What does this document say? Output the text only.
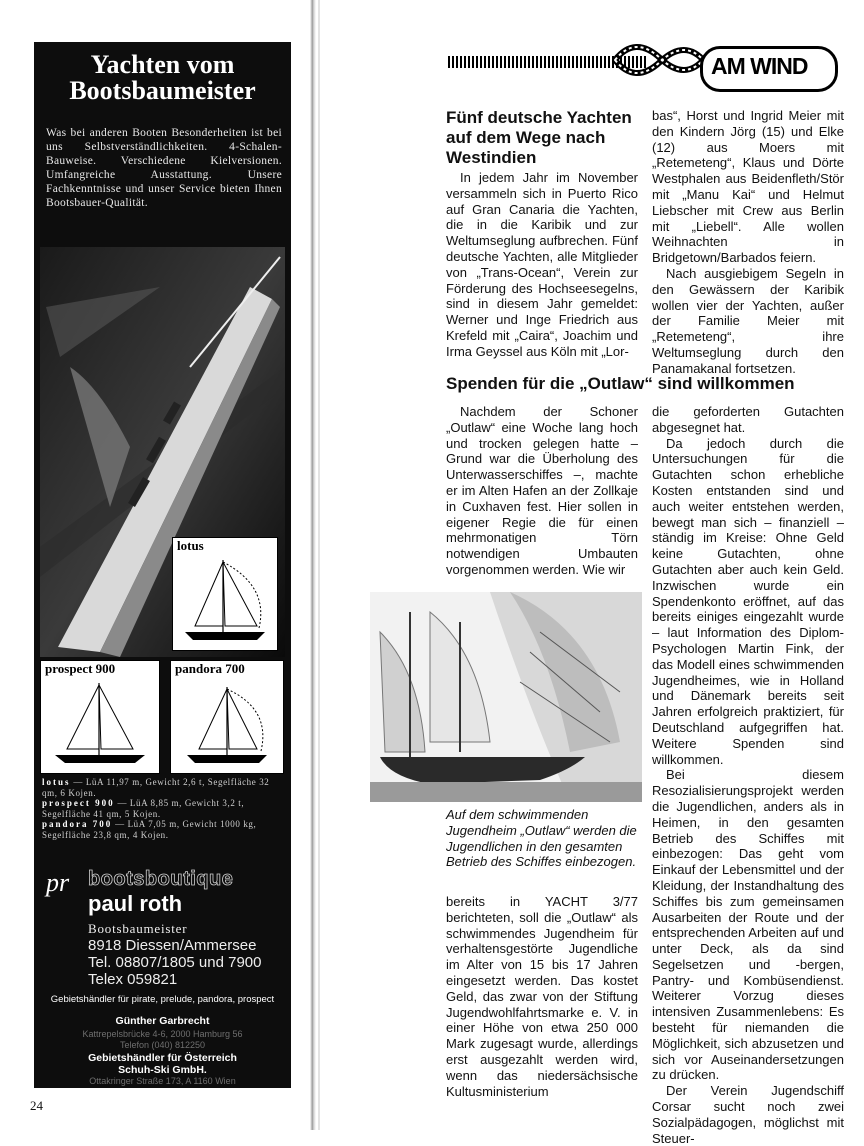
Yachten vom Bootsbaumeister
Was bei anderen Booten Besonderheiten ist bei uns Selbstverständlichkeiten. 4-Schalen-Bauweise. Verschiedene Kielversionen. Umfangreiche Ausstattung. Unsere Fachkenntnisse und unser Service bieten Ihnen Bootsbauer-Qualität.
lotus
prospect 900	pandora 700
lotus — LüA 11,97 m, Gewicht 2,6 t, Segelfläche 32 qm, 6 Kojen.
prospect 900 — LüA 8,85 m, Gewicht 3,2 t, Segelfläche 41 qm, 5 Kojen.
pandora 700 — LüA 7,05 m, Gewicht 1000 kg, Segelfläche 23,8 qm, 4 Kojen.
pr bootsboutique
paul roth
Bootsbaumeister
8918 Diessen/Ammersee
Tel. 08807/1805 und 7900
Telex 059821
Gebietshändler für pirate, prelude, pandora, prospect
Günther Garbrecht
Kattrepelsbrücke 4-6, 2000 Hamburg 56
Telefon (040) 812250
Gebietshändler für Österreich
Schuh-Ski GmbH.
Ottakringer Straße 173, A 1160 Wien
24
AM WIND
Fünf deutsche Yachten auf dem Wege nach Westindien

In jedem Jahr im November versammeln sich in Puerto Rico auf Gran Canaria die Yachten, die in die Karibik und zur Weltumseglung aufbrechen. Fünf deutsche Yachten, alle Mitglieder von „Trans-Ocean“, Verein zur Förderung des Hochseesegelns, sind in diesem Jahr gemeldet: Werner und Inge Friedrich aus Krefeld mit „Caira“, Joachim und Irma Geyssel aus Köln mit „Lor-

bas“, Horst und Ingrid Meier mit den Kindern Jörg (15) und Elke (12) aus Moers mit „Retemeteng“, Klaus und Dörte Westphalen aus Beidenfleth/Stör mit „Manu Kai“ und Helmut Liebscher mit Crew aus Berlin mit „Liebell“. Alle wollen Weihnachten in Bridgetown/Barbados feiern.

Nach ausgiebigem Segeln in den Gewässern der Karibik wollen vier der Yachten, außer der Familie Meier mit „Retemeteng“, ihre Weltumseglung durch den Panamakanal fortsetzen.

Spenden für die „Outlaw“ sind willkommen

Nachdem der Schoner „Outlaw“ eine Woche lang hoch und trocken gelegen hatte – Grund war die Überholung des Unterwasserschiffes –, machte er im Alten Hafen an der Zollkaje in Cuxhaven fest. Hier sollen in eigener Regie die für einen mehrmonatigen Törn notwendigen Umbauten vorgenommen werden. Wie wir

Auf dem schwimmenden Jugendheim „Outlaw“ werden die Jugendlichen in den gesamten Betrieb des Schiffes einbezogen.

bereits in YACHT 3/77 berichteten, soll die „Outlaw“ als schwimmendes Jugendheim für verhaltensgestörte Jugendliche im Alter von 15 bis 17 Jahren eingesetzt werden. Das kostet Geld, das zwar von der Stiftung Jugendwohlfahrtsmarke e. V. in einer Höhe von etwa 250 000 Mark zugesagt wurde, allerdings erst ausgezahlt werden wird, wenn das niedersächsische Kultusministerium

die geforderten Gutachten abgesegnet hat.

Da jedoch durch die Untersuchungen für die Gutachten schon erhebliche Kosten entstanden sind und auch weiter entstehen werden, bewegt man sich – finanziell – ständig im Kreise: Ohne Geld keine Gutachten, ohne Gutachten aber auch kein Geld. Inzwischen wurde ein Spendenkonto eröffnet, auf das bereits einiges eingezahlt wurde – laut Information des Diplom-Psychologen Martin Fink, der das Modell eines schwimmenden Jugendheimes, wie in Holland und Dänemark bereits seit Jahren erfolgreich praktiziert, für Deutschland aufgegriffen hat. Weitere Spenden sind willkommen.

Bei diesem Resozialisierungsprojekt werden die Jugendlichen, anders als in Heimen, in den gesamten Betrieb des Schiffes mit einbezogen: Das geht vom Einkauf der Lebensmittel und der Kleidung, der Instandhaltung des Schiffes bis zum gemeinsamen Ausarbeiten der Route und der entsprechenden Arbeiten auf und unter Deck, als da sind Segelsetzen und -bergen, Pantry- und Kombüsendienst. Weiterer Vorzug dieses intensiven Zusammenlebens: Es besteht für niemanden die Möglichkeit, sich abzusetzen und sich vor Auseinandersetzungen zu drücken.

Der Verein Jugendschiff Corsar sucht noch zwei Sozialpädagogen, möglichst mit Steuer-
